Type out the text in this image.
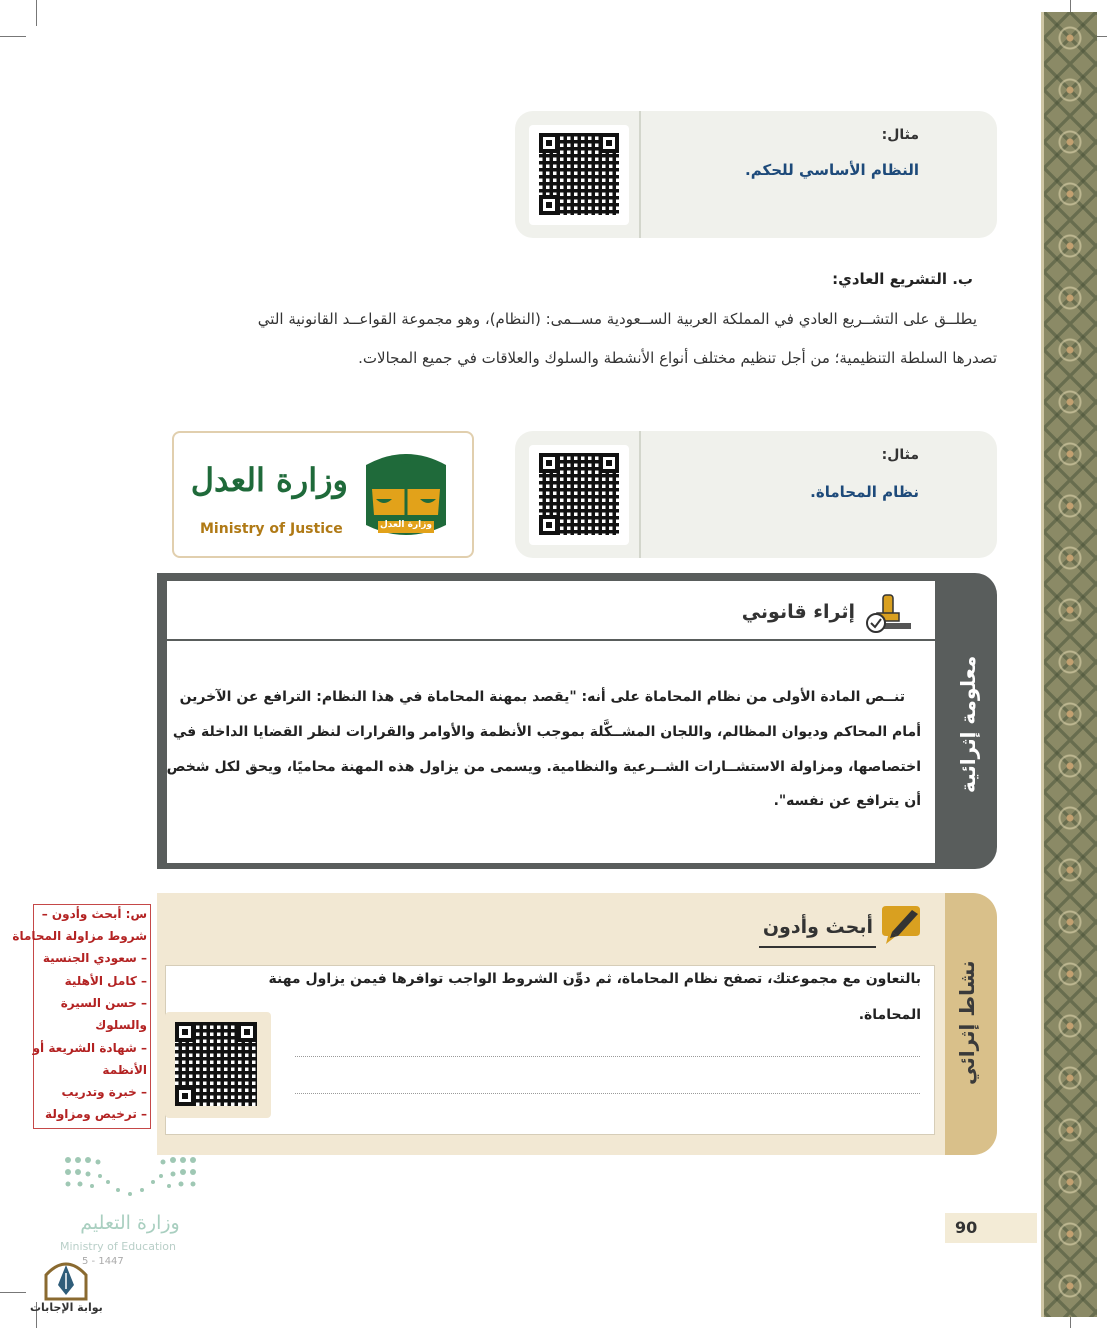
مثال:
النظام الأساسي للحكم.
ب. التشريع العادي:
يطلــق على التشــريع العادي في المملكة العربية الســعودية مســمى: (النظام)، وهو مجموعة القواعــد القانونية التي
تصدرها السلطة التنظيمية؛ من أجل تنظيم مختلف أنواع الأنشطة والسلوك والعلاقات في جميع المجالات.
وزارة العدل
وزارة العدل
Ministry of Justice
مثال:
نظام المحاماة.
معلومة إثرائية
إثراء قانوني
تنــص المادة الأولى من نظام المحاماة على أنه: "يقصد بمهنة المحاماة في هذا النظام: الترافع عن الآخرين
أمام المحاكم وديوان المظالم، واللجان المشــكَّلة بموجب الأنظمة والأوامر والقرارات لنظر القضايا الداخلة في
اختصاصها، ومزاولة الاستشــارات الشــرعية والنظامية. ويسمى من يزاول هذه المهنة محاميًا، ويحق لكل شخص
أن يترافع عن نفسه".
نشاط إثرائي
أبحث وأدون
بالتعاون مع مجموعتك، تصفح نظام المحاماة، ثم دوِّن الشروط الواجب توافرها فيمن يزاول مهنة
المحاماة.
س: أبحث وأدون –
شروط مزاولة المحاماة
– سعودي الجنسية
– كامل الأهلية
– حسن السيرة
والسلوك
– شهادة الشريعة أو
الأنظمة
– خبرة وتدريب
– ترخيص ومزاولة
وزارة التعليم
Ministry of Education
5 - 1447
بوابة الإجابات
90
